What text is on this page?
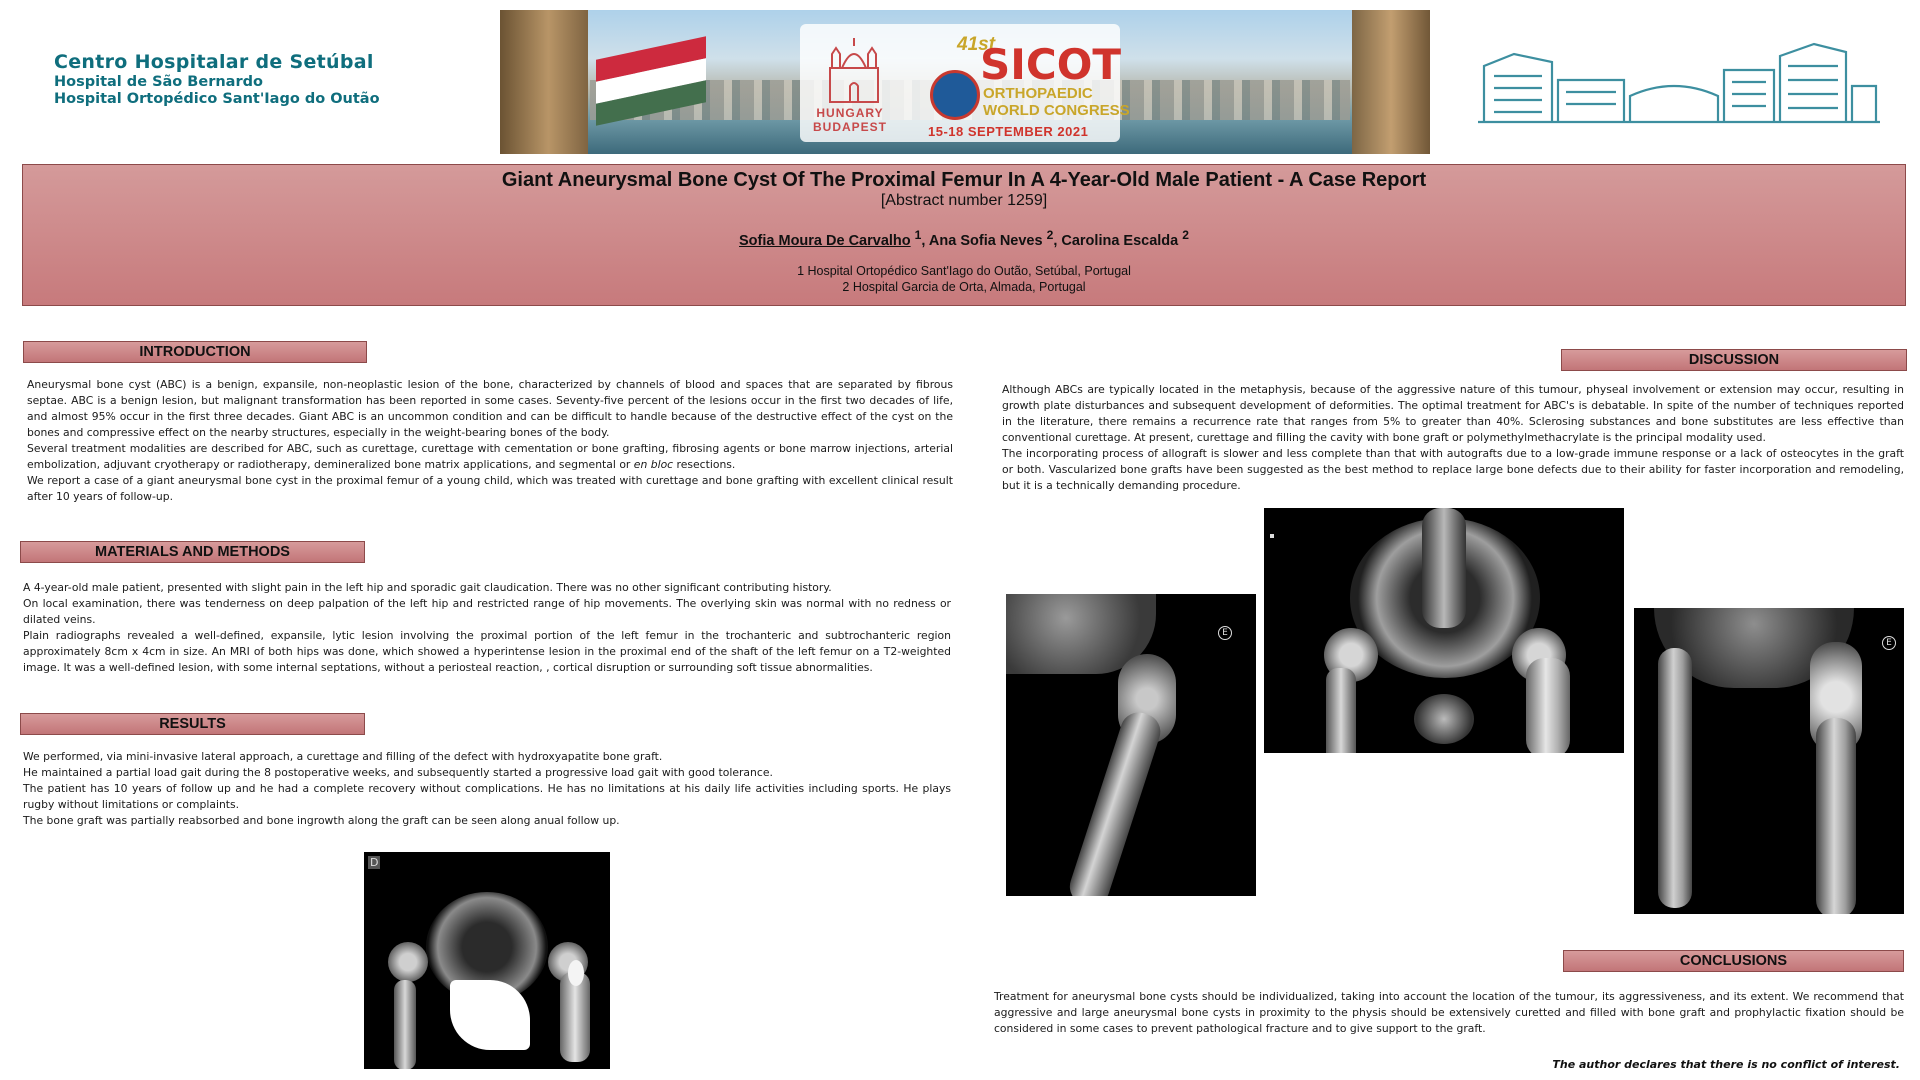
Centro Hospitalar de Setúbal
Hospital de São Bernardo
Hospital Ortopédico Sant'Iago do Outão
HUNGARY
BUDAPEST
41st
SICOT
ORTHOPAEDIC
WORLD CONGRESS
15-18 SEPTEMBER 2021
Giant Aneurysmal Bone Cyst Of The Proximal Femur In A 4-Year-Old Male Patient - A Case Report
[Abstract number 1259]
Sofia Moura De Carvalho $^1$, Ana Sofia Neves $^2$, Carolina Escalda $^2$
1 Hospital Ortopédico Sant'Iago do Outão, Setúbal, Portugal
2 Hospital Garcia de Orta, Almada, Portugal
INTRODUCTION

Aneurysmal bone cyst (ABC) is a benign, expansile, non-neoplastic lesion of the bone, characterized by channels of blood and spaces that are separated by fibrous septae. ABC is a benign lesion, but malignant transformation has been reported in some cases. Seventy-five percent of the lesions occur in the first two decades of life, and almost 95% occur in the first three decades. Giant ABC is an uncommon condition and can be difficult to handle because of the destructive effect of the cyst on the bones and compressive effect on the nearby structures, especially in the weight-bearing bones of the body.

Several treatment modalities are described for ABC, such as curettage, curettage with cementation or bone grafting, fibrosing agents or bone marrow injections, arterial embolization, adjuvant cryotherapy or radiotherapy, demineralized bone matrix applications, and segmental or en bloc resections.

We report a case of a giant aneurysmal bone cyst in the proximal femur of a young child, which was treated with curettage and bone grafting with excellent clinical result after 10 years of follow-up.

MATERIALS AND METHODS

A 4-year-old male patient, presented with slight pain in the left hip and sporadic gait claudication. There was no other significant contributing history.

On local examination, there was tenderness on deep palpation of the left hip and restricted range of hip movements. The overlying skin was normal with no redness or dilated veins.

Plain radiographs revealed a well-defined, expansile, lytic lesion involving the proximal portion of the left femur in the trochanteric and subtrochanteric region approximately 8cm x 4cm in size. An MRI of both hips was done, which showed a hyperintense lesion in the proximal end of the shaft of the left femur on a T2-weighted image. It was a well-defined lesion, with some internal septations, without a periosteal reaction, , cortical disruption or surrounding soft tissue abnormalities.

RESULTS

We performed, via mini-invasive lateral approach, a curettage and filling of the defect with hydroxyapatite bone graft.

He maintained a partial load gait during the 8 postoperative weeks, and subsequently started a progressive load gait with good tolerance.

The patient has 10 years of follow up and he had a complete recovery without complications. He has no limitations at his daily life activities including sports. He plays rugby without limitations or complaints.

The bone graft was partially reabsorbed and bone ingrowth along the graft can be seen along anual follow up.

D
DISCUSSION

Although ABCs are typically located in the metaphysis, because of the aggressive nature of this tumour, physeal involvement or extension may occur, resulting in growth plate disturbances and subsequent development of deformities. The optimal treatment for ABC's is debatable. In spite of the number of techniques reported in the literature, there remains a recurrence rate that ranges from 5% to greater than 40%. Sclerosing substances and bone substitutes are less effective than conventional curettage. At present, curettage and filling the cavity with bone graft or polymethylmethacrylate is the principal modality used.

The incorporating process of allograft is slower and less complete than that with autografts due to a low-grade immune response or a lack of osteocytes in the graft or both. Vascularized bone grafts have been suggested as the best method to replace large bone defects due to their ability for faster incorporation and remodeling, but it is a technically demanding procedure.

E
E
CONCLUSIONS

Treatment for aneurysmal bone cysts should be individualized, taking into account the location of the tumour, its aggressiveness, and its extent. We recommend that aggressive and large aneurysmal bone cysts in proximity to the physis should be extensively curetted and filled with bone graft and prophylactic fixation should be considered in some cases to prevent pathological fracture and to give support to the graft.

The author declares that there is no conflict of interest.
